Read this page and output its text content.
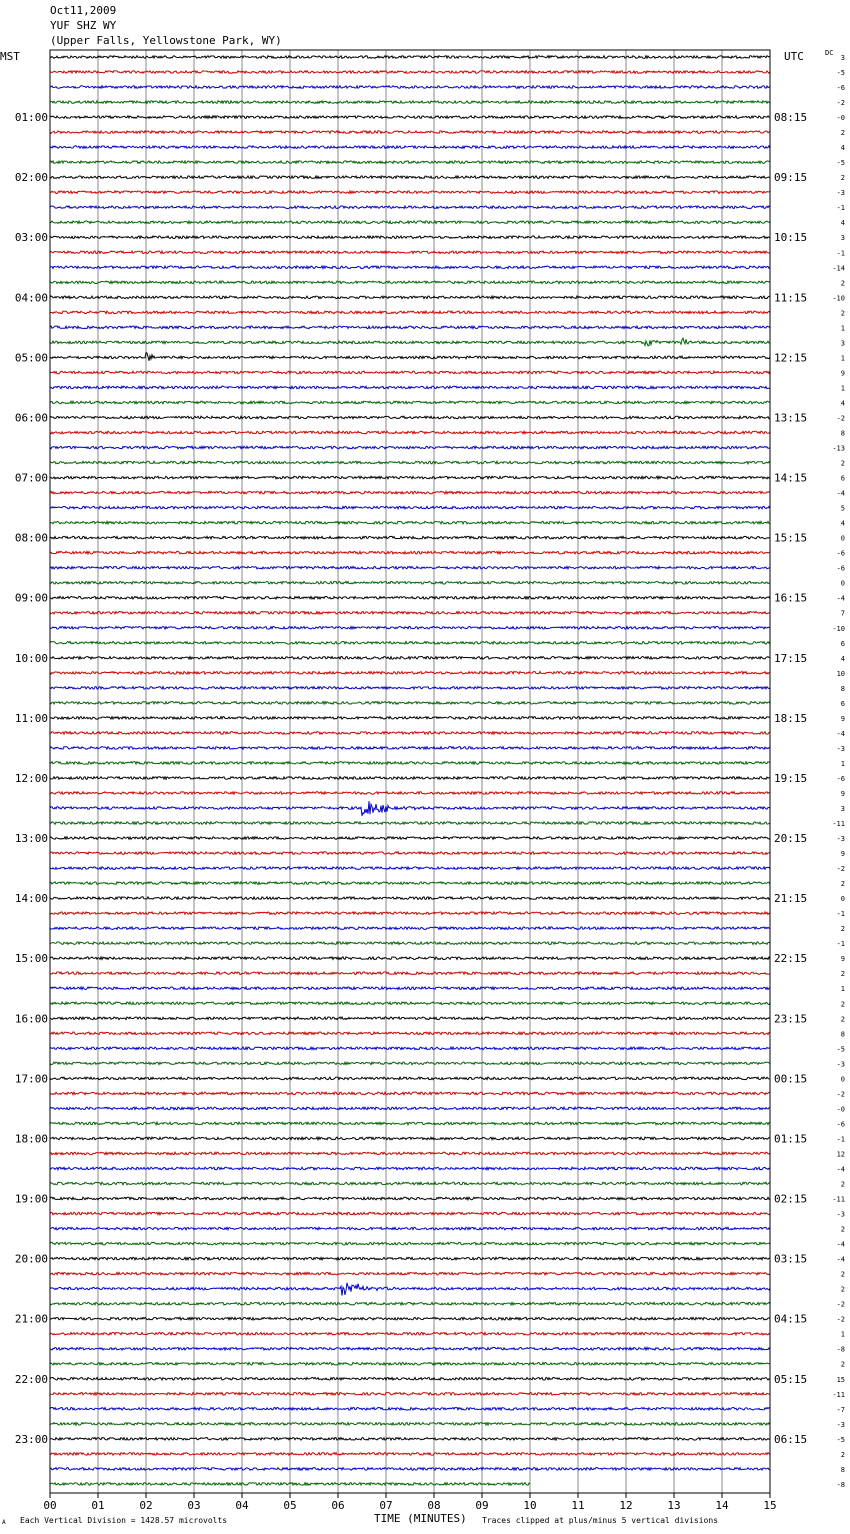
00	01	02	03	04	05	06	07	08	09	10	11	12	13	14	15
01:00
02:00
03:00
04:00
05:00
06:00
07:00
08:00
09:00
10:00
11:00
12:00
13:00
14:00
15:00
16:00
17:00
18:00
19:00
20:00
21:00
22:00
23:00
08:15
09:15
10:15
11:15
12:15
13:15
14:15
15:15
16:15
17:15
18:15
19:15
20:15
21:15
22:15
23:15
00:15
01:15
02:15
03:15
04:15
05:15
06:15
3
-5
-6
-2
-0
2
4
-5
2
-3
-1
4
3
-1
-14
2
-10
2
1
3
1
9
1
4
-2
8
-13
2
6
-4
5
4
0
-6
-6
0
-4
7
-10
6
4
10
8
6
9
-4
-3
1
-6
9
3
-11
-3
9
-2
2
0
-1
2
-1
9
2
1
2
2
8
-5
-3
0
-2
-0
-6
-1
12
-4
2
-11
-3
2
-4
-4
2
2
-2
-2
1
-8
2
15
-11
-7
-3
-5
2
8
-8
Oct11,2009
YUF SHZ WY
(Upper Falls, Yellowstone Park, WY)
MST	UTC	DC
A Each Vertical Division = 1428.57 microvolts	TIME (MINUTES) Traces clipped at plus/minus 5 vertical divisions
